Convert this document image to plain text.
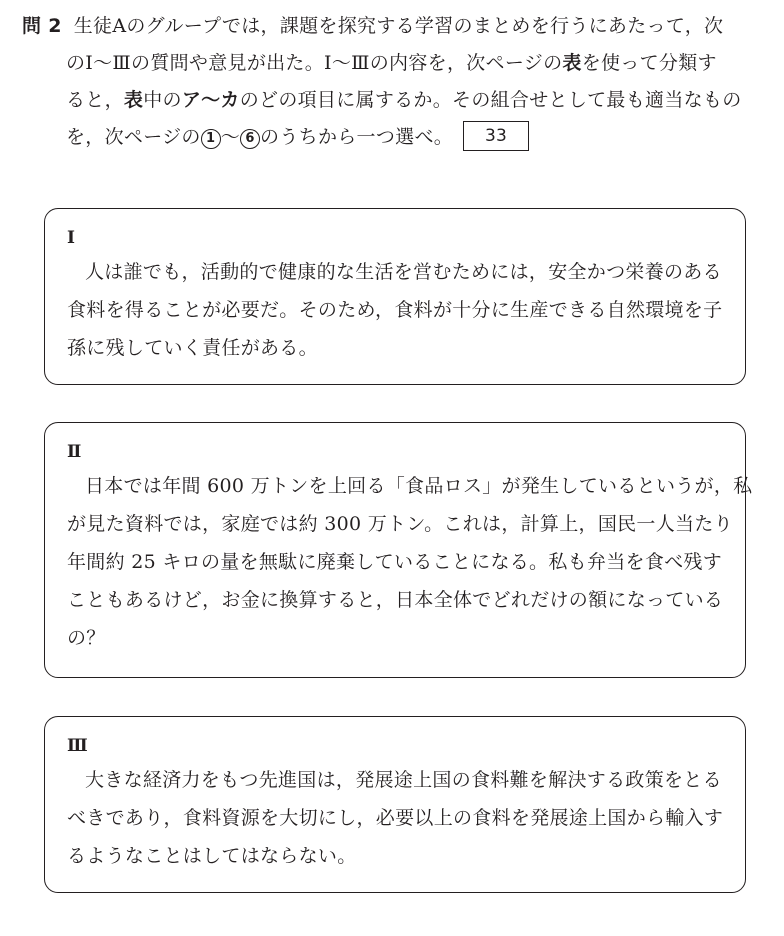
問 2 生徒Aのグループでは，課題を探究する学習のまとめを行うにあたって，次
のⅠ～Ⅲの質問や意見が出た。Ⅰ～Ⅲの内容を，次ページの表を使って分類す
ると，表中のア～カのどの項目に属するか。その組合せとして最も適当なもの
を，次ページの 1 ～ 6 のうちから一つ選べ。 33
Ⅰ
人は誰でも，活動的で健康的な生活を営むためには，安全かつ栄養のある
食料を得ることが必要だ。そのため，食料が十分に生産できる自然環境を子
孫に残していく責任がある。
Ⅱ
日本では年間 600 万トンを上回る「食品ロス」が発生しているというが，私
が見た資料では，家庭では約 300 万トン。これは，計算上，国民一人当たり
年間約 25 キロの量を無駄に廃棄していることになる。私も弁当を食べ残す
こともあるけど，お金に換算すると，日本全体でどれだけの額になっている
の？
Ⅲ
大きな経済力をもつ先進国は，発展途上国の食料難を解決する政策をとる
べきであり，食料資源を大切にし，必要以上の食料を発展途上国から輸入す
るようなことはしてはならない。
